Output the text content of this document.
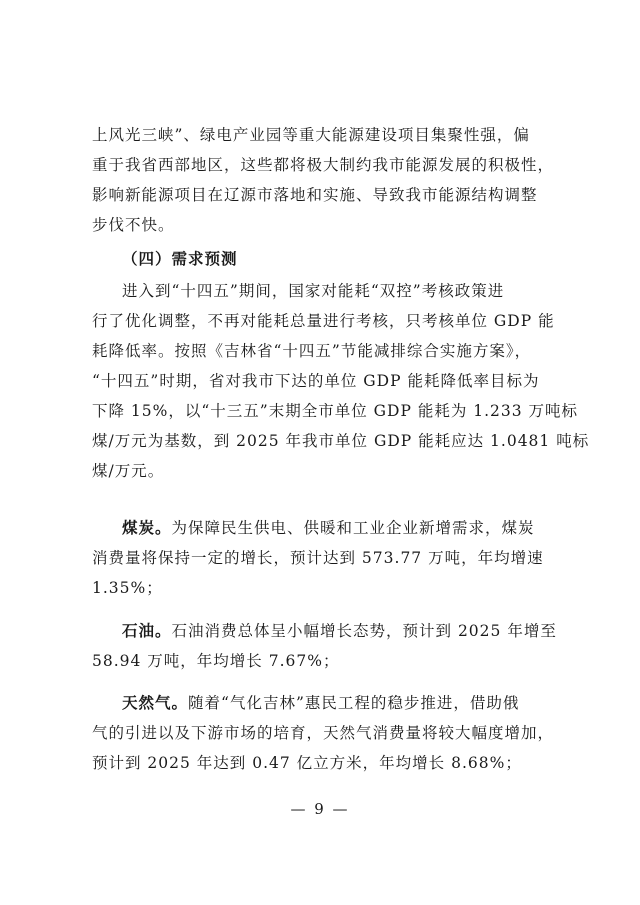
上风光三峡”、绿电产业园等重大能源建设项目集聚性强，偏
重于我省西部地区，这些都将极大制约我市能源发展的积极性，
影响新能源项目在辽源市落地和实施、导致我市能源结构调整
步伐不快。
（四）需求预测
进入到“十四五”期间，国家对能耗“双控”考核政策进
行了优化调整，不再对能耗总量进行考核，只考核单位 GDP 能
耗降低率。按照《吉林省“十四五”节能减排综合实施方案》，
“十四五”时期，省对我市下达的单位 GDP 能耗降低率目标为
下降 15%，以“十三五”末期全市单位 GDP 能耗为 1.233 万吨标
煤/万元为基数，到 2025 年我市单位 GDP 能耗应达 1.0481 吨标
煤/万元。
煤炭。为保障民生供电、供暖和工业企业新增需求，煤炭
消费量将保持一定的增长，预计达到 573.77 万吨，年均增速
1.35%；
石油。石油消费总体呈小幅增长态势，预计到 2025 年增至
58.94 万吨，年均增长 7.67%；
天然气。随着“气化吉林”惠民工程的稳步推进，借助俄
气的引进以及下游市场的培育，天然气消费量将较大幅度增加，
预计到 2025 年达到 0.47 亿立方米，年均增长 8.68%；
— 9 —
